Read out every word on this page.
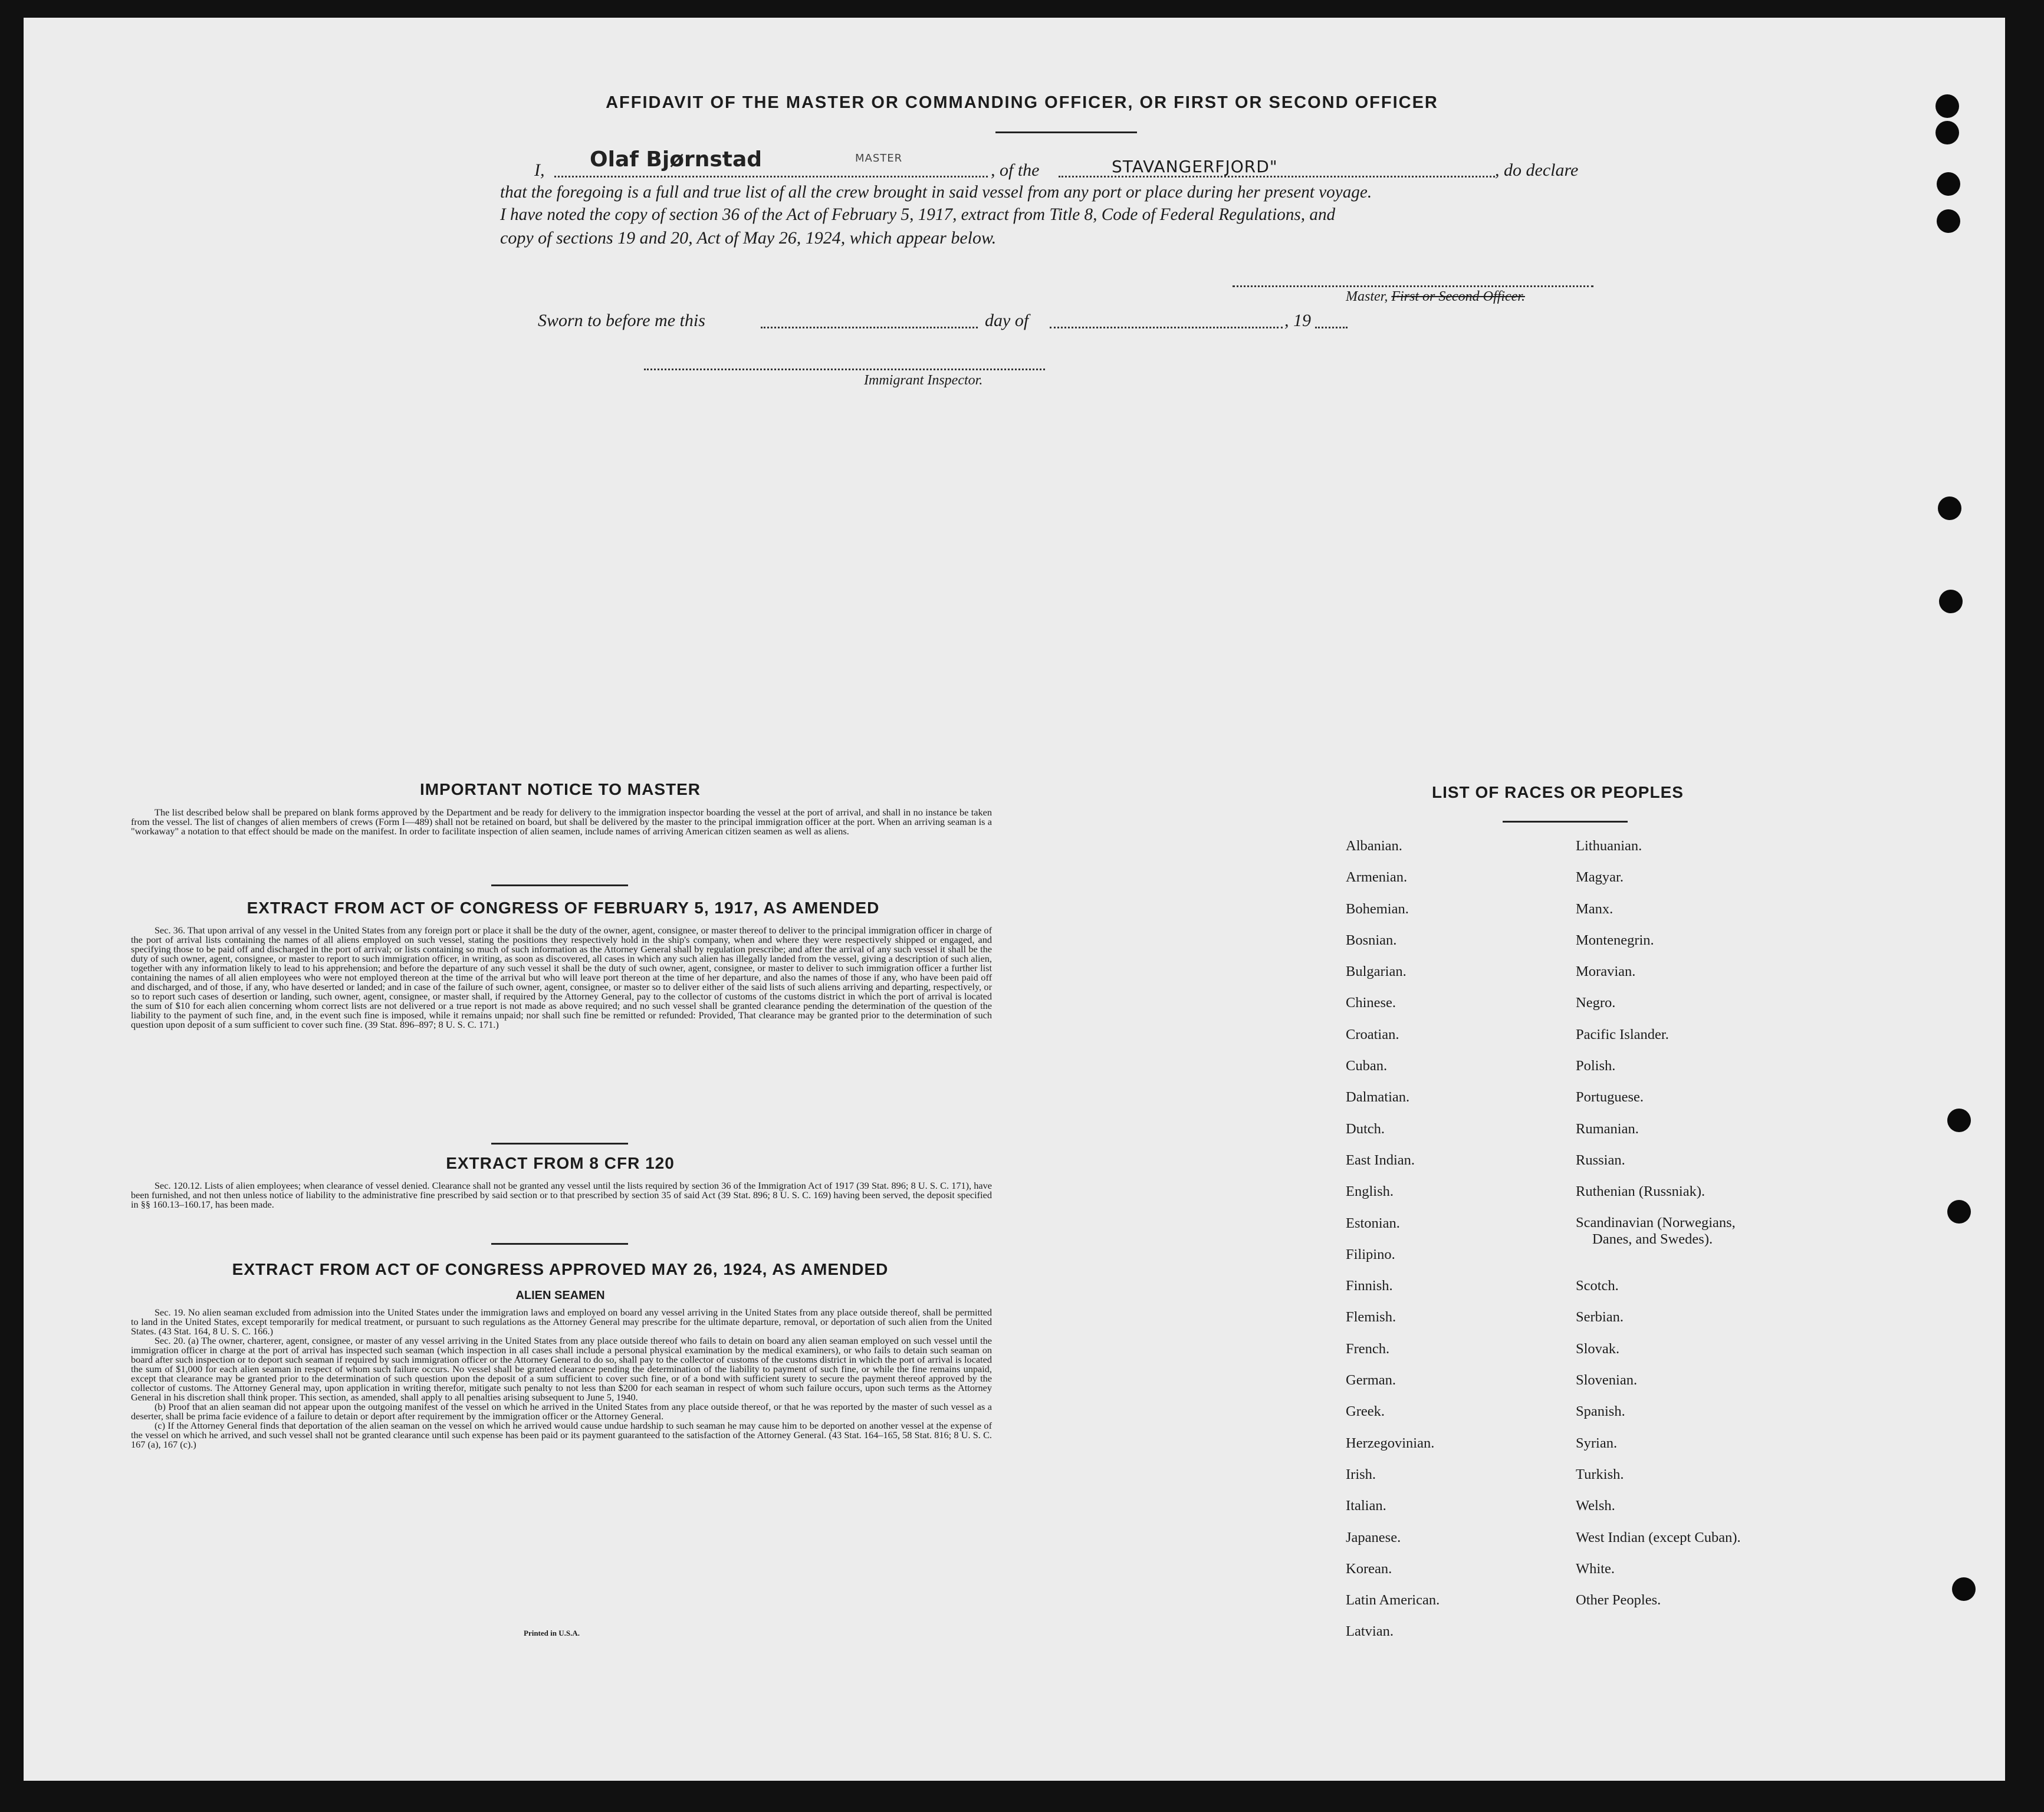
AFFIDAVIT OF THE MASTER OR COMMANDING OFFICER, OR FIRST OR SECOND OFFICER
I, Olaf Bjørnstad	MASTER
, of the	STAVANGERFJORD"	, do declare
that the foregoing is a full and true list of all the crew brought in said vessel from any port or place during her present voyage.
I have noted the copy of section 36 of the Act of February 5, 1917, extract from Title 8, Code of Federal Regulations, and
copy of sections 19 and 20, Act of May 26, 1924, which appear below.
Master, First or Second Officer.
Sworn to before me this	day of	, 19
Immigrant Inspector.
IMPORTANT NOTICE TO MASTER

The list described below shall be prepared on blank forms approved by the Department and be ready for delivery to the immigration inspector boarding the vessel at the port of arrival, and shall in no instance be taken from the vessel. The list of changes of alien members of crews (Form I—489) shall not be retained on board, but shall be delivered by the master to the principal immigration officer at the port. When an arriving seaman is a "workaway" a notation to that effect should be made on the manifest. In order to facilitate inspection of alien seamen, include names of arriving American citizen seamen as well as aliens.

EXTRACT FROM ACT OF CONGRESS OF FEBRUARY 5, 1917, AS AMENDED

Sec. 36. That upon arrival of any vessel in the United States from any foreign port or place it shall be the duty of the owner, agent, consignee, or master thereof to deliver to the principal immigration officer in charge of the port of arrival lists containing the names of all aliens employed on such vessel, stating the positions they respectively hold in the ship's company, when and where they were respectively shipped or engaged, and specifying those to be paid off and discharged in the port of arrival; or lists containing so much of such information as the Attorney General shall by regulation prescribe; and after the arrival of any such vessel it shall be the duty of such owner, agent, consignee, or master to report to such immigration officer, in writing, as soon as discovered, all cases in which any such alien has illegally landed from the vessel, giving a description of such alien, together with any information likely to lead to his apprehension; and before the departure of any such vessel it shall be the duty of such owner, agent, consignee, or master to deliver to such immigration officer a further list containing the names of all alien employees who were not employed thereon at the time of the arrival but who will leave port thereon at the time of her departure, and also the names of those if any, who have been paid off and discharged, and of those, if any, who have deserted or landed; and in case of the failure of such owner, agent, consignee, or master so to deliver either of the said lists of such aliens arriving and departing, respectively, or so to report such cases of desertion or landing, such owner, agent, consignee, or master shall, if required by the Attorney General, pay to the collector of customs of the customs district in which the port of arrival is located the sum of $10 for each alien concerning whom correct lists are not delivered or a true report is not made as above required; and no such vessel shall be granted clearance pending the determination of the question of the liability to the payment of such fine, and, in the event such fine is imposed, while it remains unpaid; nor shall such fine be remitted or refunded: Provided, That clearance may be granted prior to the determination of such question upon deposit of a sum sufficient to cover such fine. (39 Stat. 896–897; 8 U. S. C. 171.)

EXTRACT FROM 8 CFR 120

Sec. 120.12. Lists of alien employees; when clearance of vessel denied. Clearance shall not be granted any vessel until the lists required by section 36 of the Immigration Act of 1917 (39 Stat. 896; 8 U. S. C. 171), have been furnished, and not then unless notice of liability to the administrative fine prescribed by said section or to that prescribed by section 35 of said Act (39 Stat. 896; 8 U. S. C. 169) having been served, the deposit specified in §§ 160.13–160.17, has been made.

EXTRACT FROM ACT OF CONGRESS APPROVED MAY 26, 1924, AS AMENDED
ALIEN SEAMEN

Sec. 19. No alien seaman excluded from admission into the United States under the immigration laws and employed on board any vessel arriving in the United States from any place outside thereof, shall be permitted to land in the United States, except temporarily for medical treatment, or pursuant to such regulations as the Attorney General may prescribe for the ultimate departure, removal, or deportation of such alien from the United States. (43 Stat. 164, 8 U. S. C. 166.)

Sec. 20. (a) The owner, charterer, agent, consignee, or master of any vessel arriving in the United States from any place outside thereof who fails to detain on board any alien seaman employed on such vessel until the immigration officer in charge at the port of arrival has inspected such seaman (which inspection in all cases shall include a personal physical examination by the medical examiners), or who fails to detain such seaman on board after such inspection or to deport such seaman if required by such immigration officer or the Attorney General to do so, shall pay to the collector of customs of the customs district in which the port of arrival is located the sum of $1,000 for each alien seaman in respect of whom such failure occurs. No vessel shall be granted clearance pending the determination of the liability to payment of such fine, or while the fine remains unpaid, except that clearance may be granted prior to the determination of such question upon the deposit of a sum sufficient to cover such fine, or of a bond with sufficient surety to secure the payment thereof approved by the collector of customs. The Attorney General may, upon application in writing therefor, mitigate such penalty to not less than $200 for each seaman in respect of whom such failure occurs, upon such terms as the Attorney General in his discretion shall think proper. This section, as amended, shall apply to all penalties arising subsequent to June 5, 1940.

(b) Proof that an alien seaman did not appear upon the outgoing manifest of the vessel on which he arrived in the United States from any place outside thereof, or that he was reported by the master of such vessel as a deserter, shall be prima facie evidence of a failure to detain or deport after requirement by the immigration officer or the Attorney General.

(c) If the Attorney General finds that deportation of the alien seaman on the vessel on which he arrived would cause undue hardship to such seaman he may cause him to be deported on another vessel at the expense of the vessel on which he arrived, and such vessel shall not be granted clearance until such expense has been paid or its payment guaranteed to the satisfaction of the Attorney General. (43 Stat. 164–165, 58 Stat. 816; 8 U. S. C. 167 (a), 167 (c).)

Printed in U.S.A.
LIST OF RACES OR PEOPLES
Albanian.
Armenian.
Bohemian.
Bosnian.
Bulgarian.
Chinese.
Croatian.
Cuban.
Dalmatian.
Dutch.
East Indian.
English.
Estonian.
Filipino.
Finnish.
Flemish.
French.
German.
Greek.
Herzegovinian.
Irish.
Italian.
Japanese.
Korean.
Latin American.
Latvian.
Lithuanian.
Magyar.
Manx.
Montenegrin.
Moravian.
Negro.
Pacific Islander.
Polish.
Portuguese.
Rumanian.
Russian.
Ruthenian (Russniak).
Scandinavian (Norwegians,
Danes, and Swedes).
Scotch.
Serbian.
Slovak.
Slovenian.
Spanish.
Syrian.
Turkish.
Welsh.
West Indian (except Cuban).
White.
Other Peoples.
